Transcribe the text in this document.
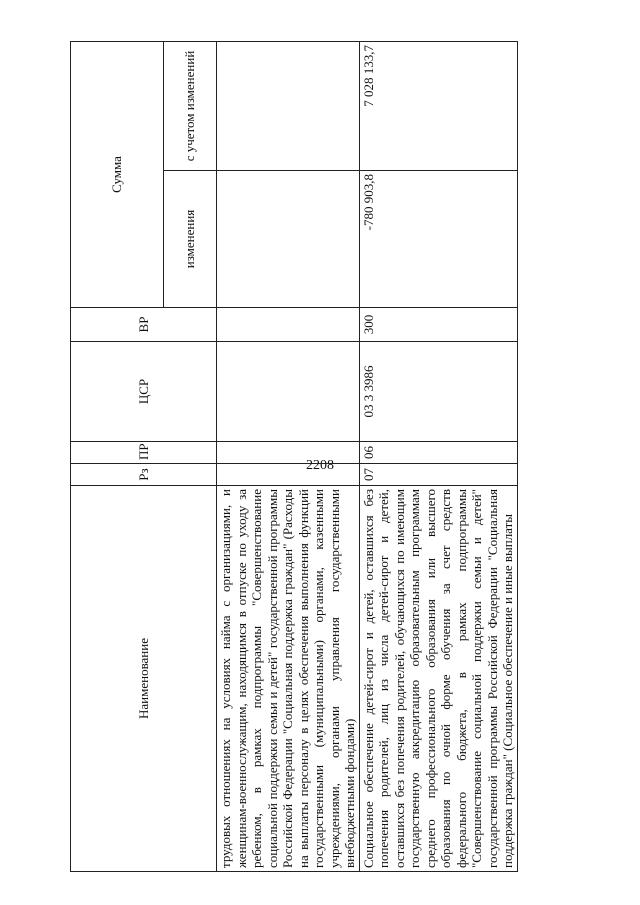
2208
Наименование	Рз	ПР	ЦСР	ВР	Сумма	
					изменения	с учетом изменений
трудовых отношениях на условиях найма с организациями, и женщинам-военнослужащим, находящимся в отпуске по уходу за ребенком, в рамках подпрограммы "Совершенствование социальной поддержки семьи и детей" государственной программы Российской Федерации "Социальная поддержка граждан" (Расходы на выплаты персоналу в целях обеспечения выполнения функций государственными (муниципальными) органами, казенными учреждениями, органами управления государственными внебюджетными фондами)						
Социальное обеспечение детей-сирот и детей, оставшихся без попечения родителей, лиц из числа детей-сирот и детей, оставшихся без попечения родителей, обучающихся по имеющим государственную аккредитацию образовательным программам среднего профессионального образования или высшего образования по очной форме обучения за счет средств федерального бюджета, в рамках подпрограммы "Совершенствование социальной поддержки семьи и детей" государственной программы Российской Федерации "Социальная поддержка граждан" (Социальное обеспечение и иные выплаты	07	06	03 3 3986	300	-780 903,8	7 028 133,7
